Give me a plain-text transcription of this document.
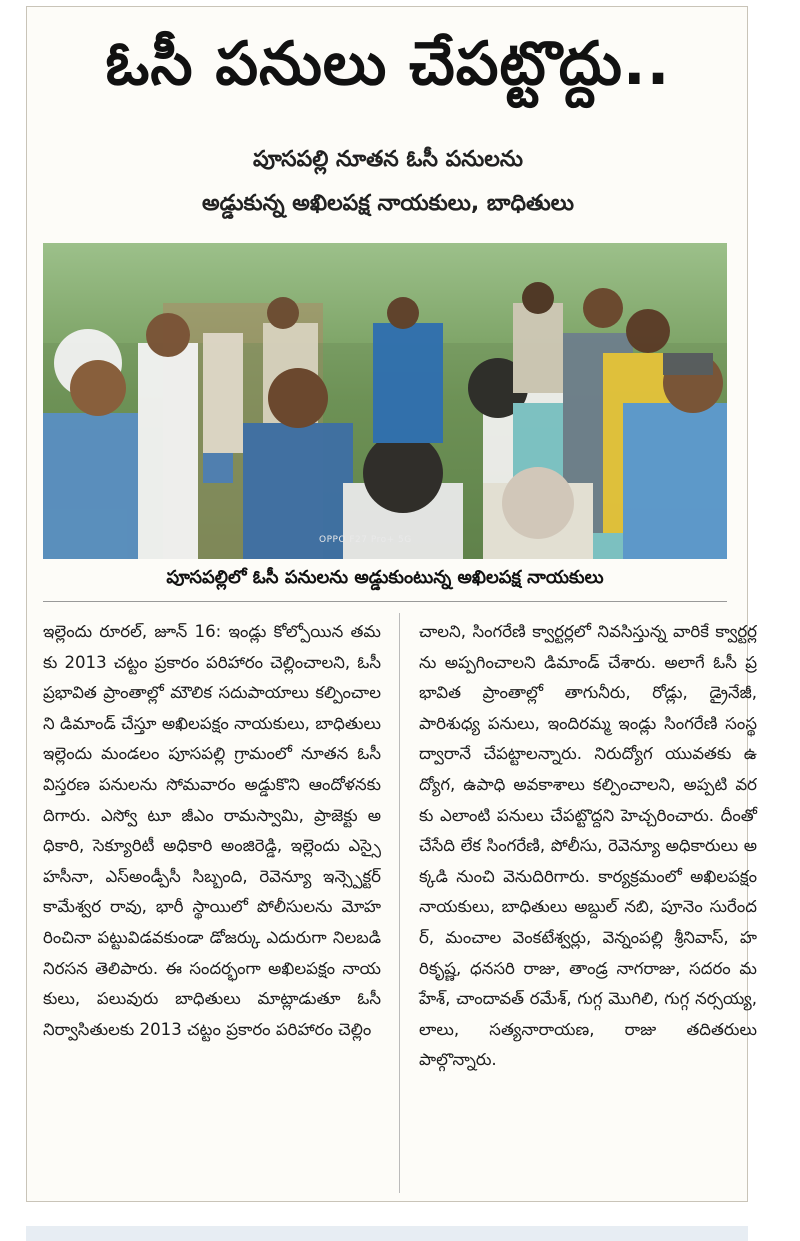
ఓసీ పనులు చేపట్టొద్దు..
పూసపల్లి నూతన ఓసీ పనులను
అడ్డుకున్న అఖిలపక్ష నాయకులు, బాధితులు
OPPO F27 Pro+ 5G
పూసపల్లిలో ఓసీ పనులను అడ్డుకుంటున్న అఖిలపక్ష నాయకులు
ఇల్లెందు రూరల్, జూన్ 16: ఇండ్లు కోల్పోయిన తమకు 2013 చట్టం ప్రకారం పరిహారం చెల్లించాలని, ఓసీ ప్రభావిత ప్రాంతాల్లో మౌలిక సదుపాయాలు కల్పించాలని డిమాండ్ చేస్తూ అఖిలపక్షం నాయకులు, బాధితులు ఇల్లెందు మండలం పూసపల్లి గ్రామంలో నూతన ఓసీ విస్తరణ పనులను సోమవారం అడ్డుకొని ఆందోళనకు దిగారు. ఎస్వో టూ జీఎం రామస్వామి, ప్రాజెక్టు అధికారి, సెక్యూరిటీ అధికారి అంజిరెడ్డి, ఇల్లెందు ఎస్సై హసీనా, ఎస్అండ్పీసీ సిబ్బంది, రెవెన్యూ ఇన్స్పెక్టర్ కామేశ్వర రావు, భారీ స్థాయిలో పోలీసులను మోహరించినా పట్టువిడవకుండా డోజర్కు ఎదురుగా నిలబడి నిరసన తెలిపారు. ఈ సందర్భంగా అఖిలపక్షం నాయకులు, పలువురు బాధితులు మాట్లాడుతూ ఓసీ నిర్వాసితులకు 2013 చట్టం ప్రకారం పరిహారం చెల్లిం
చాలని, సింగరేణి క్వార్టర్లలో నివసిస్తున్న వారికే క్వార్టర్లను అప్పగించాలని డిమాండ్ చేశారు. అలాగే ఓసీ ప్రభావిత ప్రాంతాల్లో తాగునీరు, రోడ్లు, డ్రైనేజీ, పారిశుధ్య పనులు, ఇందిరమ్మ ఇండ్లు సింగరేణి సంస్థ ద్వారానే చేపట్టాలన్నారు. నిరుద్యోగ యువతకు ఉద్యోగ, ఉపాధి అవకాశాలు కల్పించాలని, అప్పటి వరకు ఎలాంటి పనులు చేపట్టొద్దని హెచ్చరించారు. దీంతో చేసేది లేక సింగరేణి, పోలీసు, రెవెన్యూ అధికారులు అక్కడి నుంచి వెనుదిరిగారు. కార్యక్రమంలో అఖిలపక్షం నాయకులు, బాధితులు అబ్దుల్ నబి, పూనెం సురేందర్, మంచాల వెంకటేశ్వర్లు, వెన్నంపల్లి శ్రీనివాస్, హరికృష్ణ, ధనసరి రాజు, తాండ్ర నాగరాజు, సదరం మహేశ్, చాందావత్ రమేశ్, గుగ్గ మొగిలి, గుగ్గ నర్సయ్య, లాలు, సత్యనారాయణ, రాజు తదితరులు పాల్గొన్నారు.
